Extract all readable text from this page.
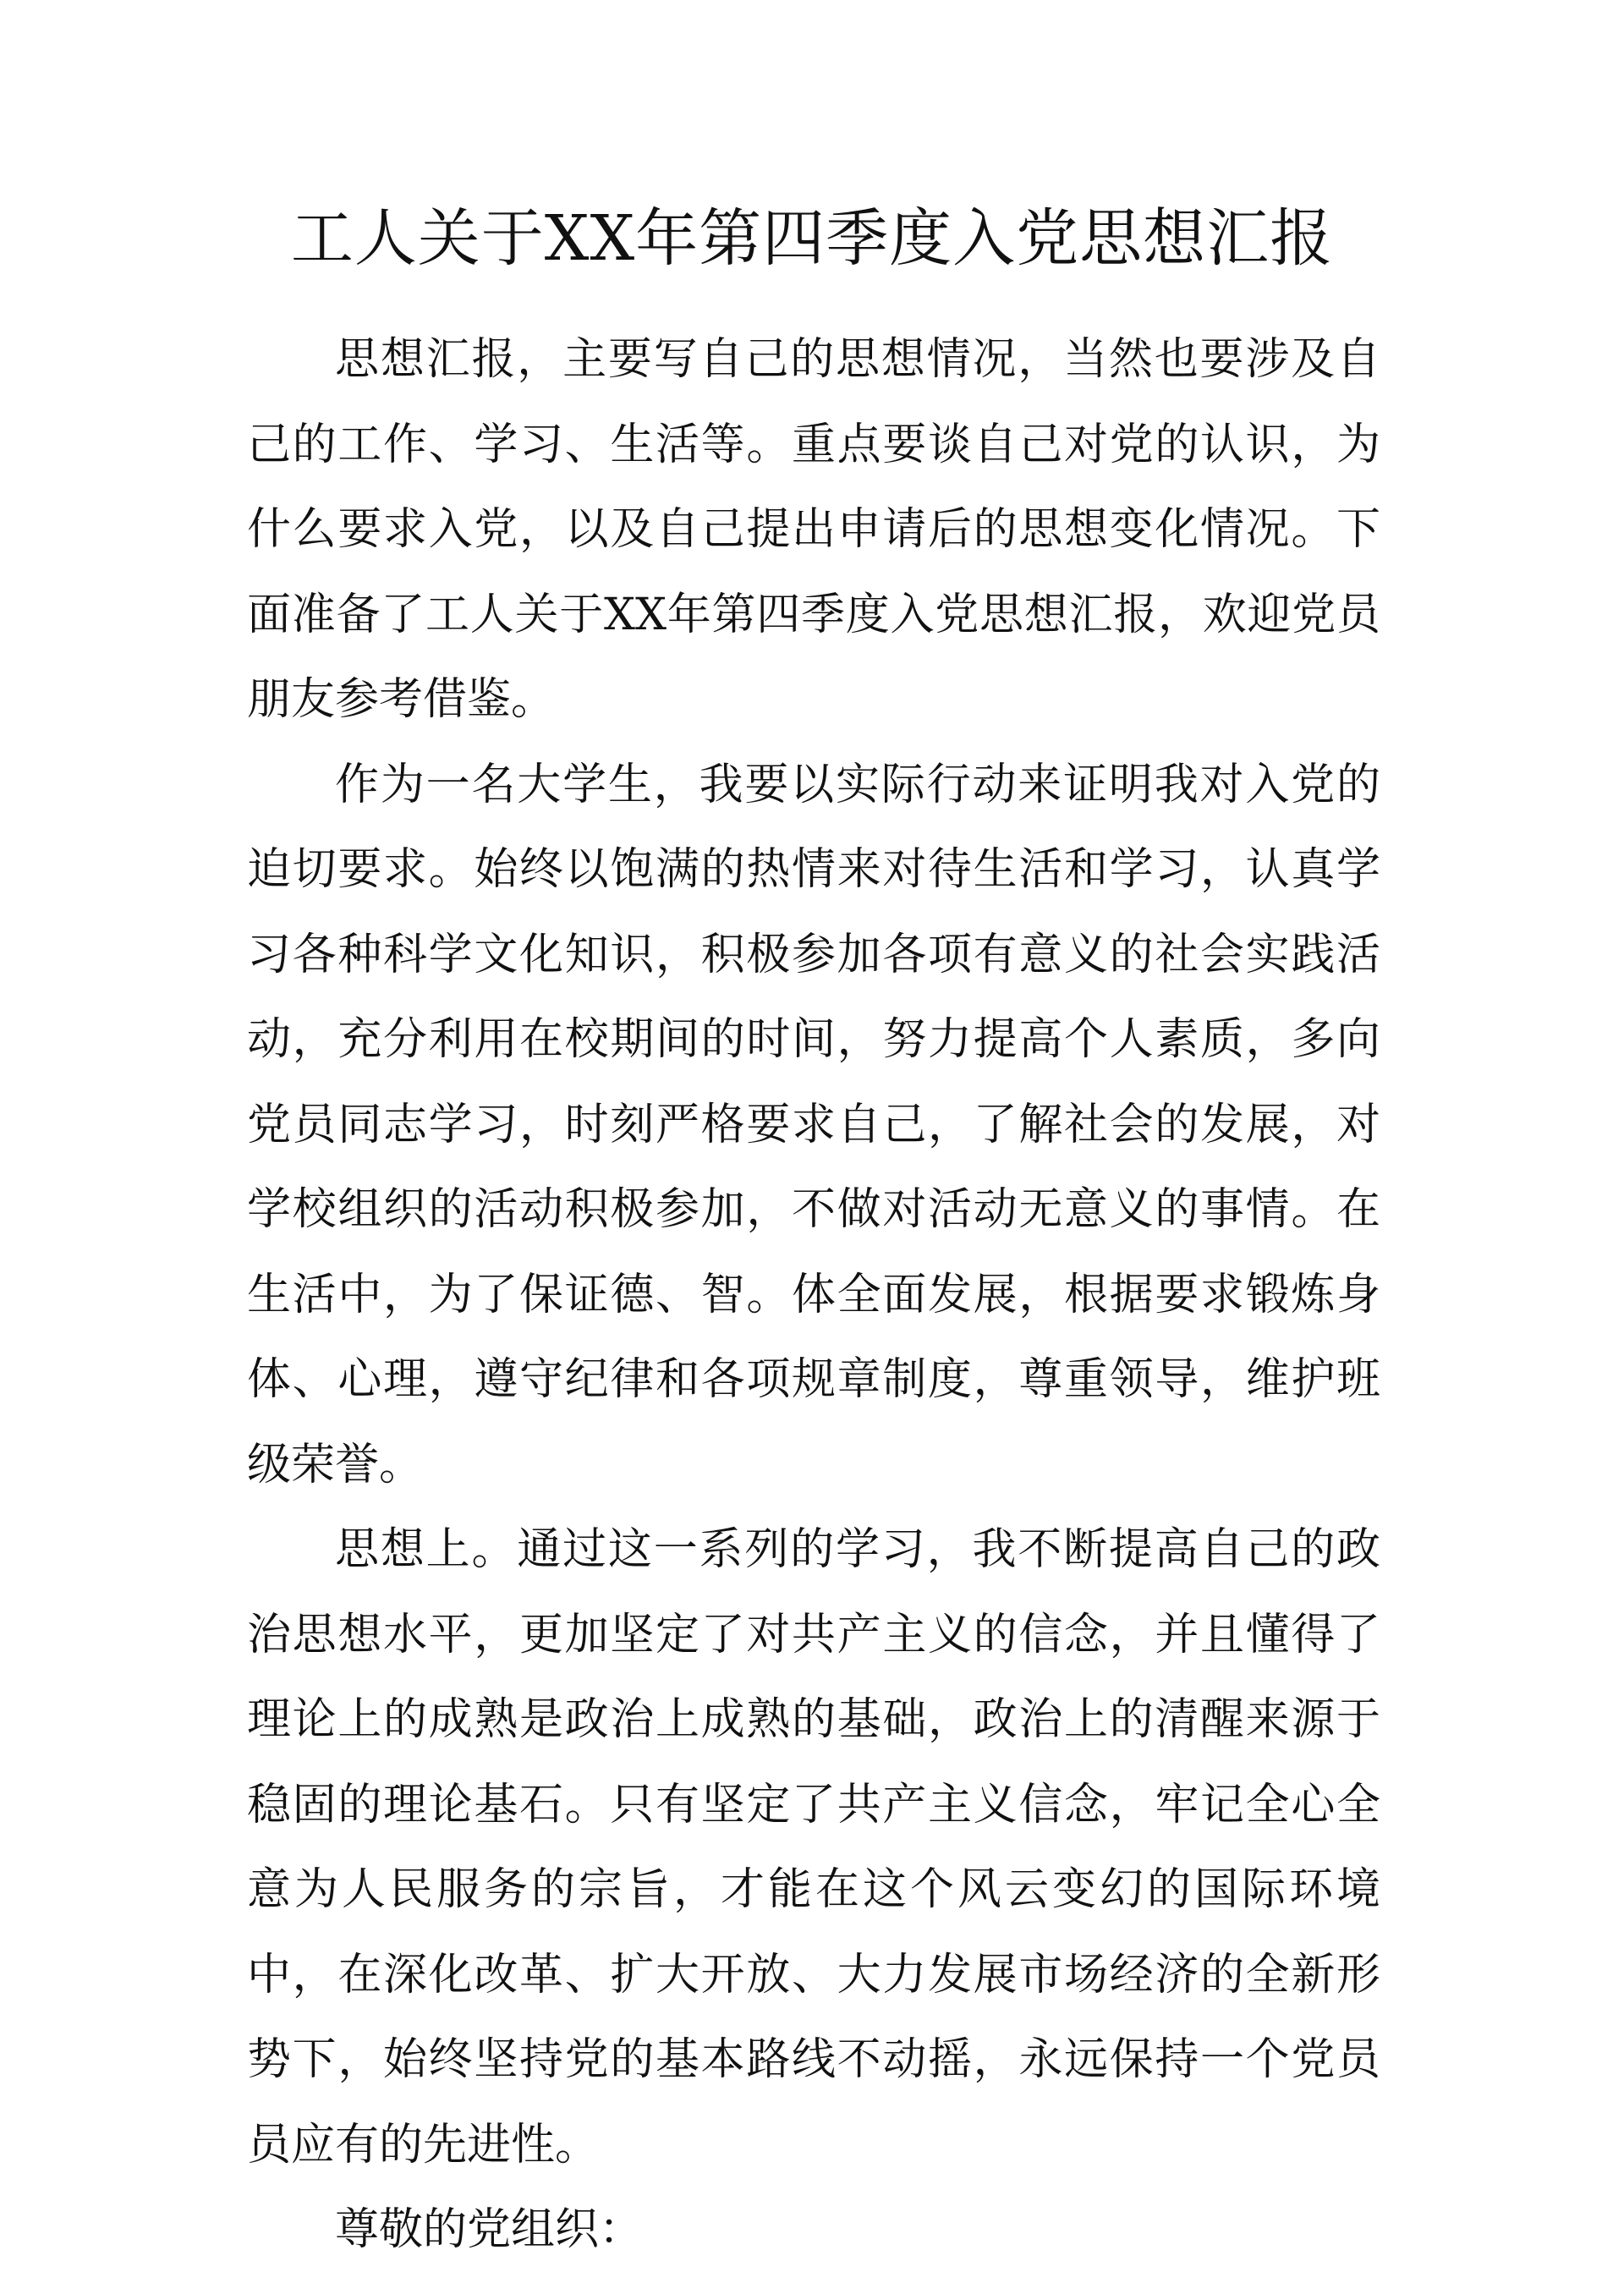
工人关于XX年第四季度入党思想汇报

思想汇报，主要写自己的思想情况，当然也要涉及自己的工作、学习、生活等。重点要谈自己对党的认识，为什么要求入党，以及自己提出申请后的思想变化情况。下面准备了工人关于XX年第四季度入党思想汇报，欢迎党员朋友参考借鉴。

作为一名大学生，我要以实际行动来证明我对入党的迫切要求。始终以饱满的热情来对待生活和学习，认真学习各种科学文化知识，积极参加各项有意义的社会实践活动，充分利用在校期间的时间，努力提高个人素质，多向党员同志学习，时刻严格要求自己，了解社会的发展，对学校组织的活动积极参加，不做对活动无意义的事情。在生活中，为了保证德、智。体全面发展，根据要求锻炼身体、心理，遵守纪律和各项规章制度，尊重领导，维护班级荣誉。

思想上。通过这一系列的学习，我不断提高自己的政治思想水平，更加坚定了对共产主义的信念，并且懂得了理论上的成熟是政治上成熟的基础，政治上的清醒来源于稳固的理论基石。只有坚定了共产主义信念，牢记全心全意为人民服务的宗旨，才能在这个风云变幻的国际环境中，在深化改革、扩大开放、大力发展市场经济的全新形势下，始终坚持党的基本路线不动摇，永远保持一个党员员应有的先进性。

尊敬的党组织：
